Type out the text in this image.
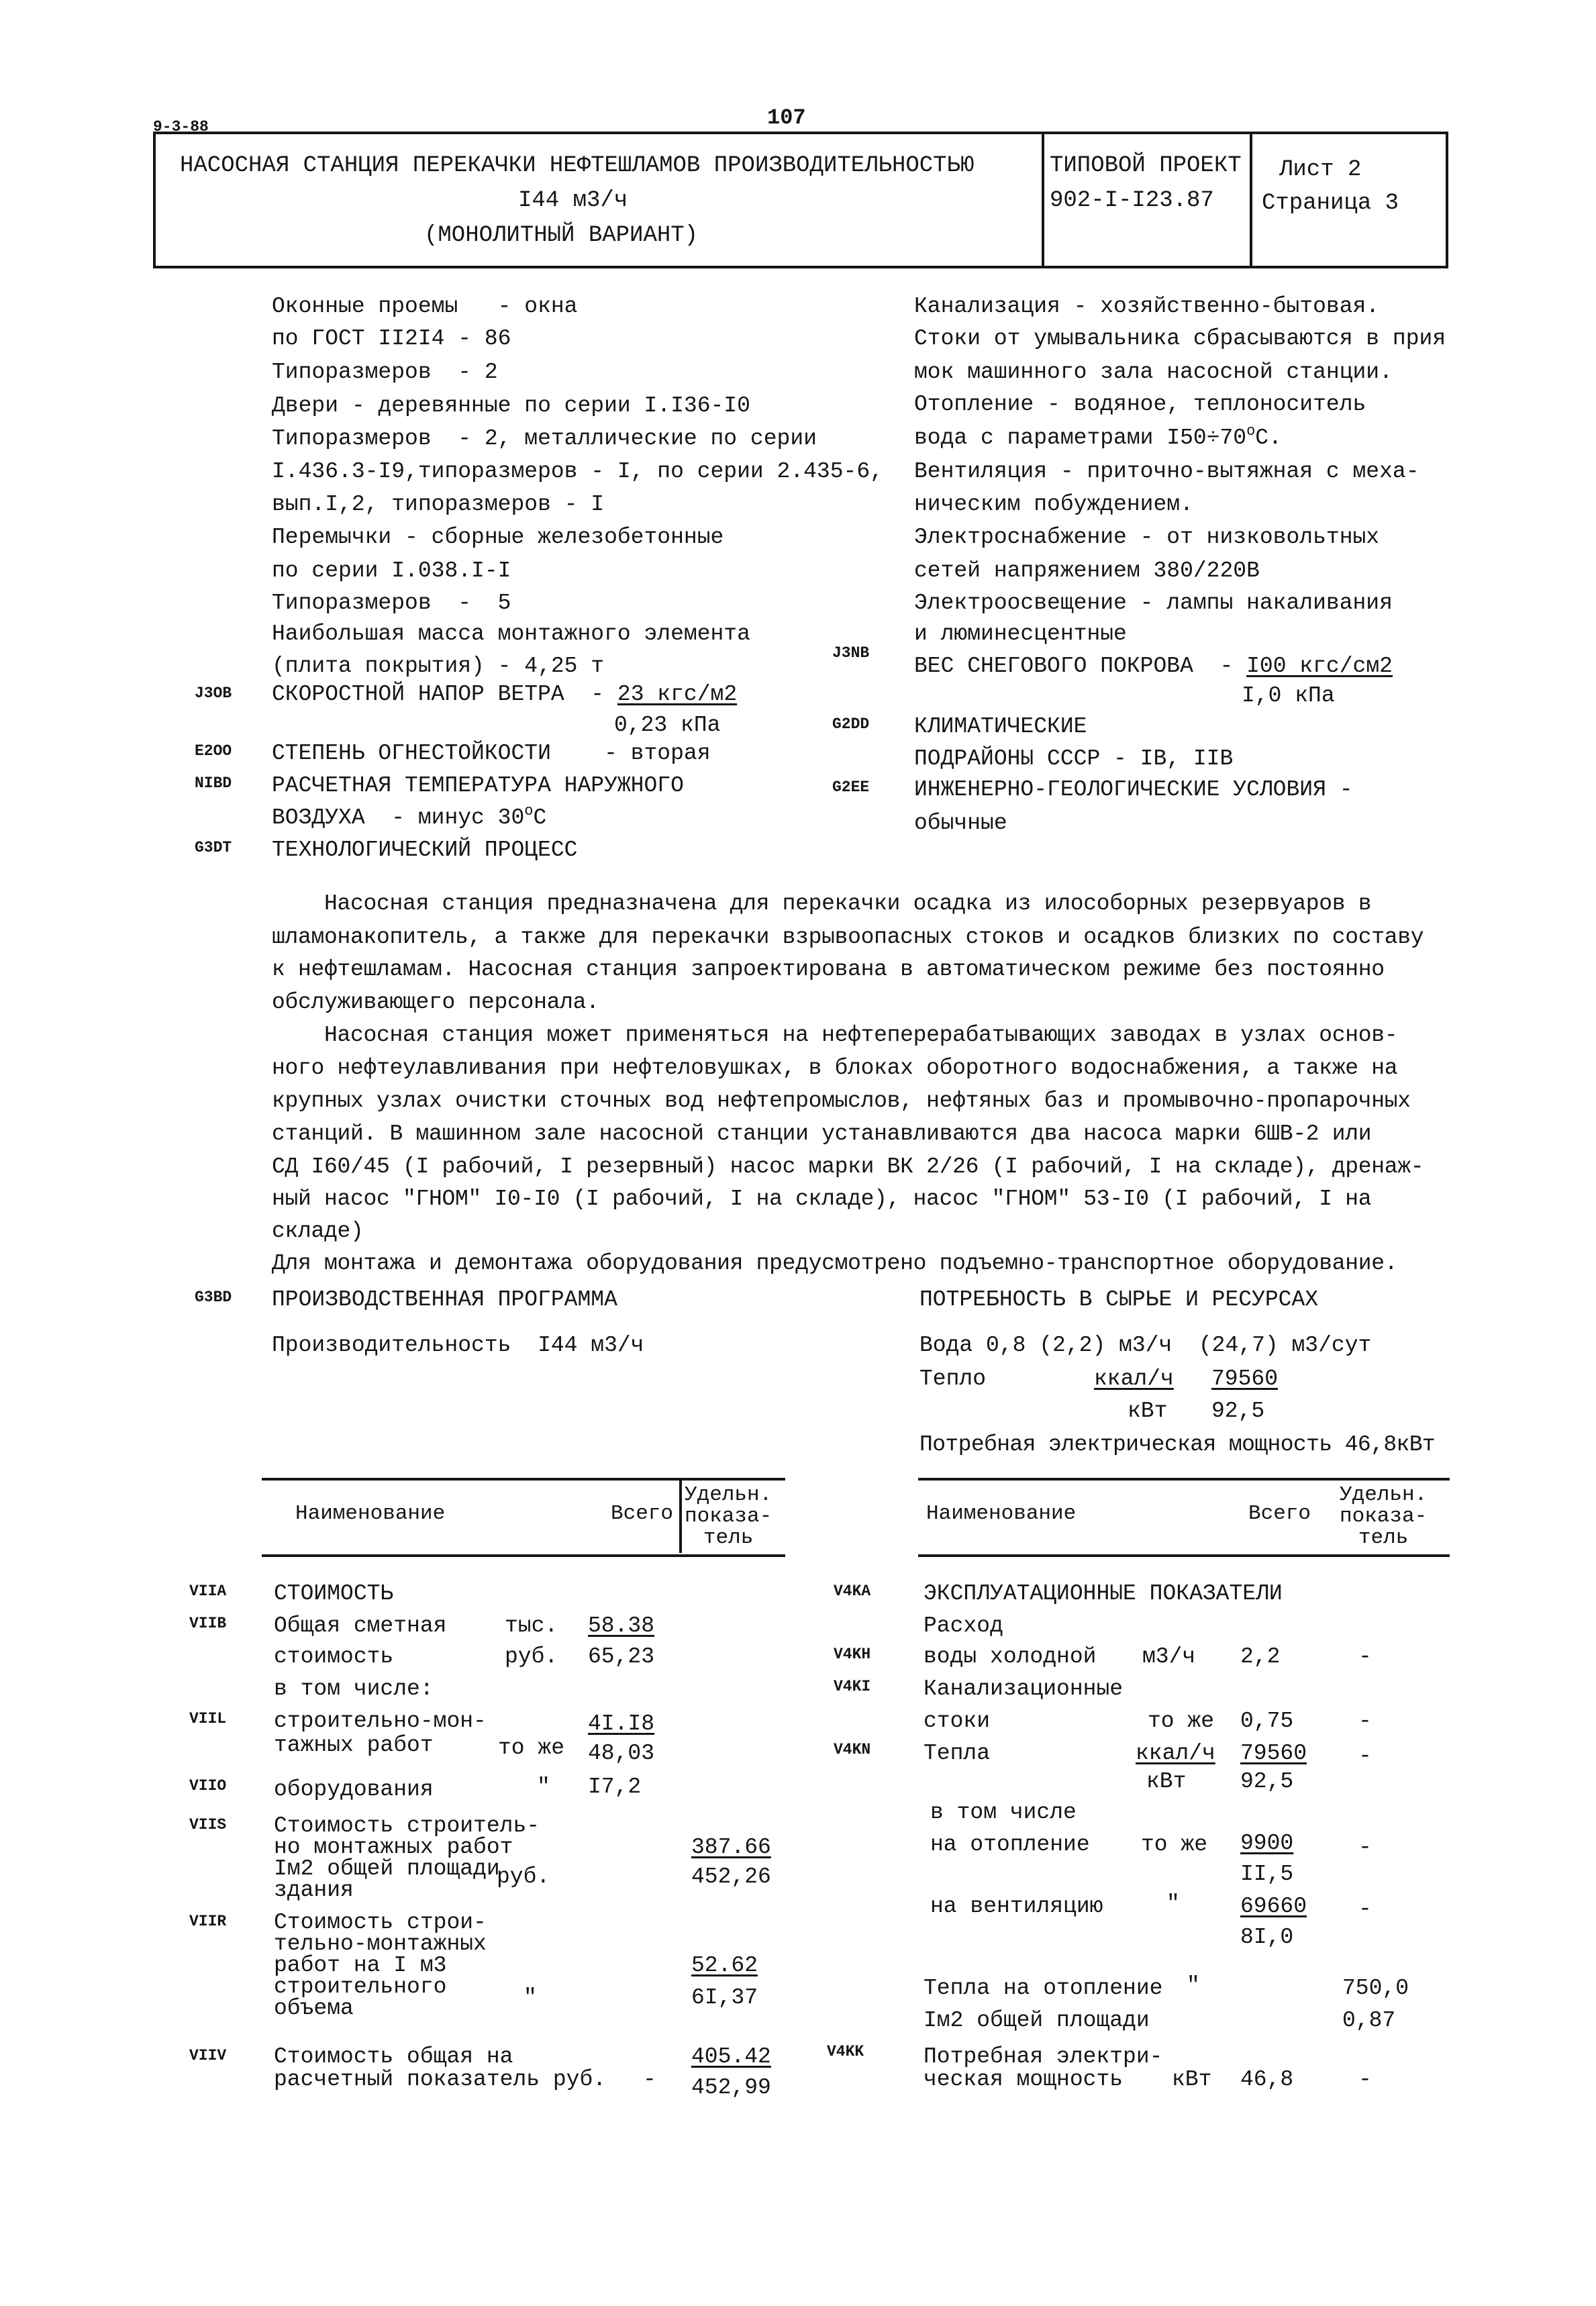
9-3-88	107
НАСОСНАЯ СТАНЦИЯ ПЕРЕКАЧКИ НЕФТЕШЛАМОВ ПРОИЗВОДИТЕЛЬНОСТЬЮ
I44 м3/ч
(МОНОЛИТНЫЙ ВАРИАНТ)
ТИПОВОЙ ПРОЕКТ
902-I-I23.87
Лист 2
Страница 3
Оконные проемы   - окна
по ГОСТ II2I4 - 86
Типоразмеров  - 2
Двери - деревянные по серии I.I36-I0
Типоразмеров  - 2, металлические по серии
I.436.3-I9,типоразмеров - I, по серии 2.435-6,
вып.I,2, типоразмеров - I
Перемычки - сборные железобетонные
по серии I.038.I-I
Типоразмеров  -  5
Наибольшая масса монтажного элемента
(плита покрытия) - 4,25 т
J3OB СКОРОСТНОЙ НАПОР ВЕТРА  - 23 кгс/м2
0,23 кПа
E2OO СТЕПЕНЬ ОГНЕСТОЙКОСТИ    - вторая
NIBD РАСЧЕТНАЯ ТЕМПЕРАТУРА НАРУЖНОГО
ВОЗДУХА  - минус $30^оС$
G3DT ТЕХНОЛОГИЧЕСКИЙ ПРОЦЕСС
Канализация - хозяйственно-бытовая.
Стоки от умывальника сбрасываются в прия
мок машинного зала насосной станции.
Отопление - водяное, теплоноситель
вода с параметрами $I50\div 70^оС$.
Вентиляция - приточно-вытяжная с меха-
ническим побуждением.
Электроснабжение - от низковольтных
сетей напряжением 380/220В
Электроосвещение - лампы накаливания
и люминесцентные
J3NB
ВЕС СНЕГОВОГО ПОКРОВА  - I00 кгс/см2
I,0 кПа
G2DD КЛИМАТИЧЕСКИЕ
ПОДРАЙОНЫ СССР - IВ, IIВ
G2EE ИНЖЕНЕРНО-ГЕОЛОГИЧЕСКИЕ УСЛОВИЯ -
обычные
Насосная станция предназначена для перекачки осадка из илособорных резервуаров в
шламонакопитель, а также для перекачки взрывоопасных стоков и осадков близких по составу
к нефтешламам. Насосная станция запроектирована в автоматическом режиме без постоянно
обслуживающего персонала.
Насосная станция может применяться на нефтеперерабатывающих заводах в узлах основ-
ного нефтеулавливания при нефтеловушках, в блоках оборотного водоснабжения, а также на
крупных узлах очистки сточных вод нефтепромыслов, нефтяных баз и промывочно-пропарочных
станций. В машинном зале насосной станции устанавливаются два насоса марки 6ШВ-2 или
СД I60/45 (I рабочий, I резервный) насос марки ВК 2/26 (I рабочий, I на складе), дренаж-
ный насос "ГНОМ" I0-I0 (I рабочий, I на складе), насос "ГНОМ" 53-I0 (I рабочий, I на
складе)
Для монтажа и демонтажа оборудования предусмотрено подъемно-транспортное оборудование.
G3BD ПРОИЗВОДСТВЕННАЯ ПРОГРАММА
Производительность  I44 м3/ч
ПОТРЕБНОСТЬ В СЫРЬЕ И РЕСУРСАХ
Вода 0,8 (2,2) м3/ч  (24,7) м3/сут
Тепло	ккал/ч 79560
кВт 92,5
Потребная электрическая мощность 46,8кВт
Наименование	Всего
Удельн.
показа-
тель
VIIA СТОИМОСТЬ
VIIB Общая сметная	тыс. 58.38
стоимость	руб. 65,23
в том числе:
VIIL строительно-мон-
тажных работ	то же
4I.I8
48,03
VIIO оборудования	" I7,2
VIIS Стоимость строитель-
но монтажных работ
Iм2 общей площади
здания
руб.
387.66
452,26
VIIR Стоимость строи-
тельно-монтажных
работ на I м3
строительного
объема	"
52.62
6I,37
VIIV Стоимость общая на
расчетный показатель руб. -
405.42
452,99
Наименование	Всего
Удельн.
показа-
тель
V4KA ЭКСПЛУАТАЦИОННЫЕ ПОКАЗАТЕЛИ
Расход
V4KH воды холодной м3/ч 2,2	-
V4KI Канализационные
стоки	то же 0,75	-
V4KN Тепла	ккал/ч
кВт
79560
92,5
-
в том числе
на отопление то же 9900
II,5
-
на вентиляцию	"	69660
8I,0
-
Тепла на отопление "	750,0
Iм2 общей площади	0,87
V4KK	Потребная электри-
ческая мощность кВт 46,8	-
